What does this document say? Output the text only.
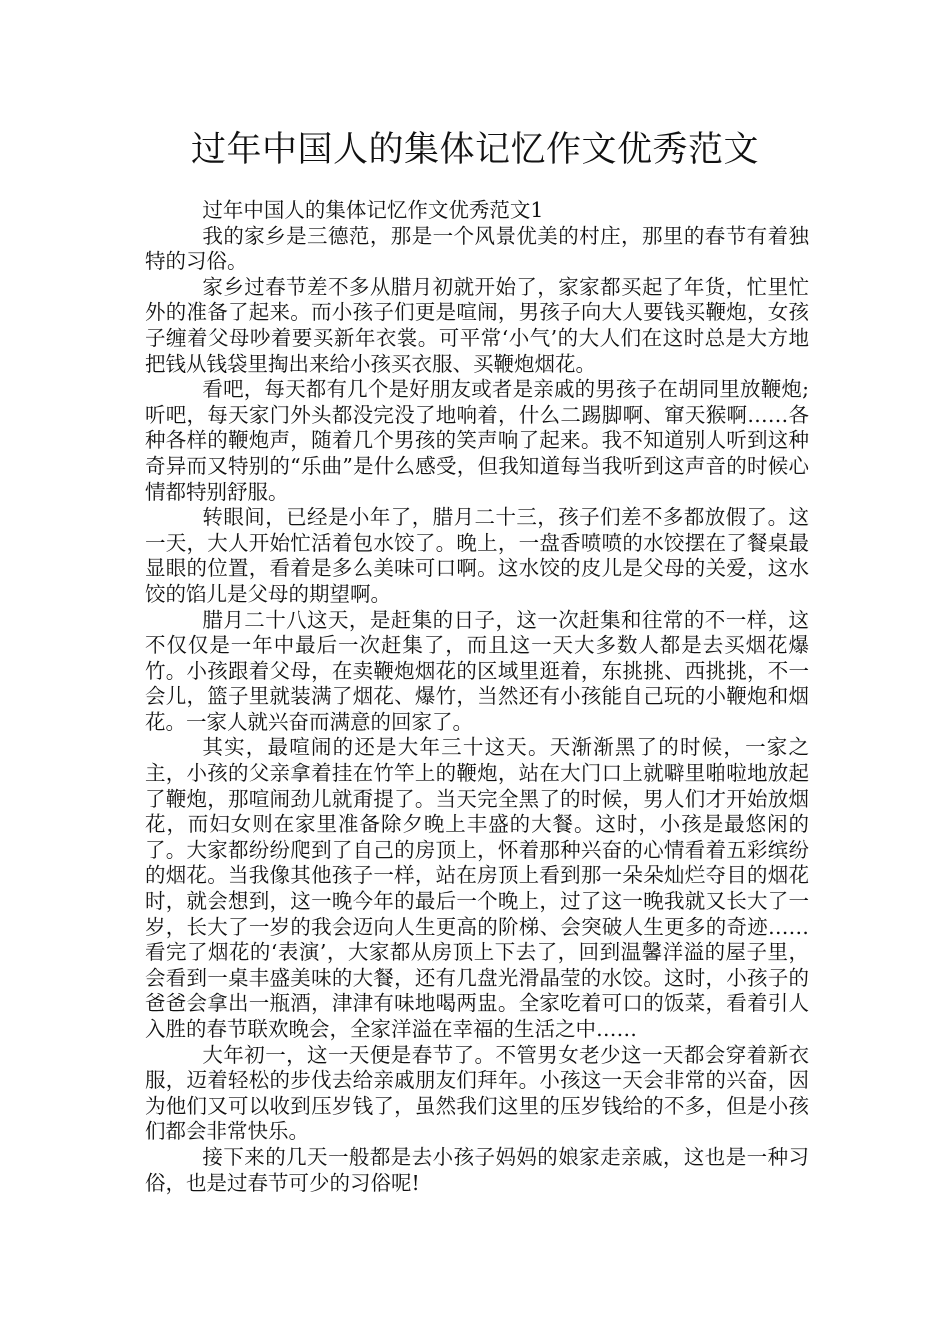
过年中国人的集体记忆作文优秀范文

过年中国人的集体记忆作文优秀范文1

我的家乡是三德范，那是一个风景优美的村庄，那里的春节有着独特的习俗。

家乡过春节差不多从腊月初就开始了，家家都买起了年货，忙里忙外的准备了起来。而小孩子们更是喧闹，男孩子向大人要钱买鞭炮，女孩子缠着父母吵着要买新年衣裳。可平常‘小气’的大人们在这时总是大方地把钱从钱袋里掏出来给小孩买衣服、买鞭炮烟花。

看吧，每天都有几个是好朋友或者是亲戚的男孩子在胡同里放鞭炮;听吧，每天家门外头都没完没了地响着，什么二踢脚啊、窜天猴啊……各种各样的鞭炮声，随着几个男孩的笑声响了起来。我不知道别人听到这种奇异而又特别的“乐曲”是什么感受，但我知道每当我听到这声音的时候心情都特别舒服。

转眼间，已经是小年了，腊月二十三，孩子们差不多都放假了。这一天，大人开始忙活着包水饺了。晚上，一盘香喷喷的水饺摆在了餐桌最显眼的位置，看着是多么美味可口啊。这水饺的皮儿是父母的关爱，这水饺的馅儿是父母的期望啊。

腊月二十八这天，是赶集的日子，这一次赶集和往常的不一样，这不仅仅是一年中最后一次赶集了，而且这一天大多数人都是去买烟花爆竹。小孩跟着父母，在卖鞭炮烟花的区域里逛着，东挑挑、西挑挑，不一会儿，篮子里就装满了烟花、爆竹，当然还有小孩能自己玩的小鞭炮和烟花。一家人就兴奋而满意的回家了。

其实，最喧闹的还是大年三十这天。天渐渐黑了的时候，一家之主，小孩的父亲拿着挂在竹竿上的鞭炮，站在大门口上就噼里啪啦地放起了鞭炮，那喧闹劲儿就甭提了。当天完全黑了的时候，男人们才开始放烟花，而妇女则在家里准备除夕晚上丰盛的大餐。这时，小孩是最悠闲的了。大家都纷纷爬到了自己的房顶上，怀着那种兴奋的心情看着五彩缤纷的烟花。当我像其他孩子一样，站在房顶上看到那一朵朵灿烂夺目的烟花时，就会想到，这一晚今年的最后一个晚上，过了这一晚我就又长大了一岁，长大了一岁的我会迈向人生更高的阶梯、会突破人生更多的奇迹……看完了烟花的‘表演’，大家都从房顶上下去了，回到温馨洋溢的屋子里，会看到一桌丰盛美味的大餐，还有几盘光滑晶莹的水饺。这时，小孩子的爸爸会拿出一瓶酒，津津有味地喝两盅。全家吃着可口的饭菜，看着引人入胜的春节联欢晚会，全家洋溢在幸福的生活之中……

大年初一，这一天便是春节了。不管男女老少这一天都会穿着新衣服，迈着轻松的步伐去给亲戚朋友们拜年。小孩这一天会非常的兴奋，因为他们又可以收到压岁钱了，虽然我们这里的压岁钱给的不多，但是小孩们都会非常快乐。

接下来的几天一般都是去小孩子妈妈的娘家走亲戚，这也是一种习俗，也是过春节可少的习俗呢!
